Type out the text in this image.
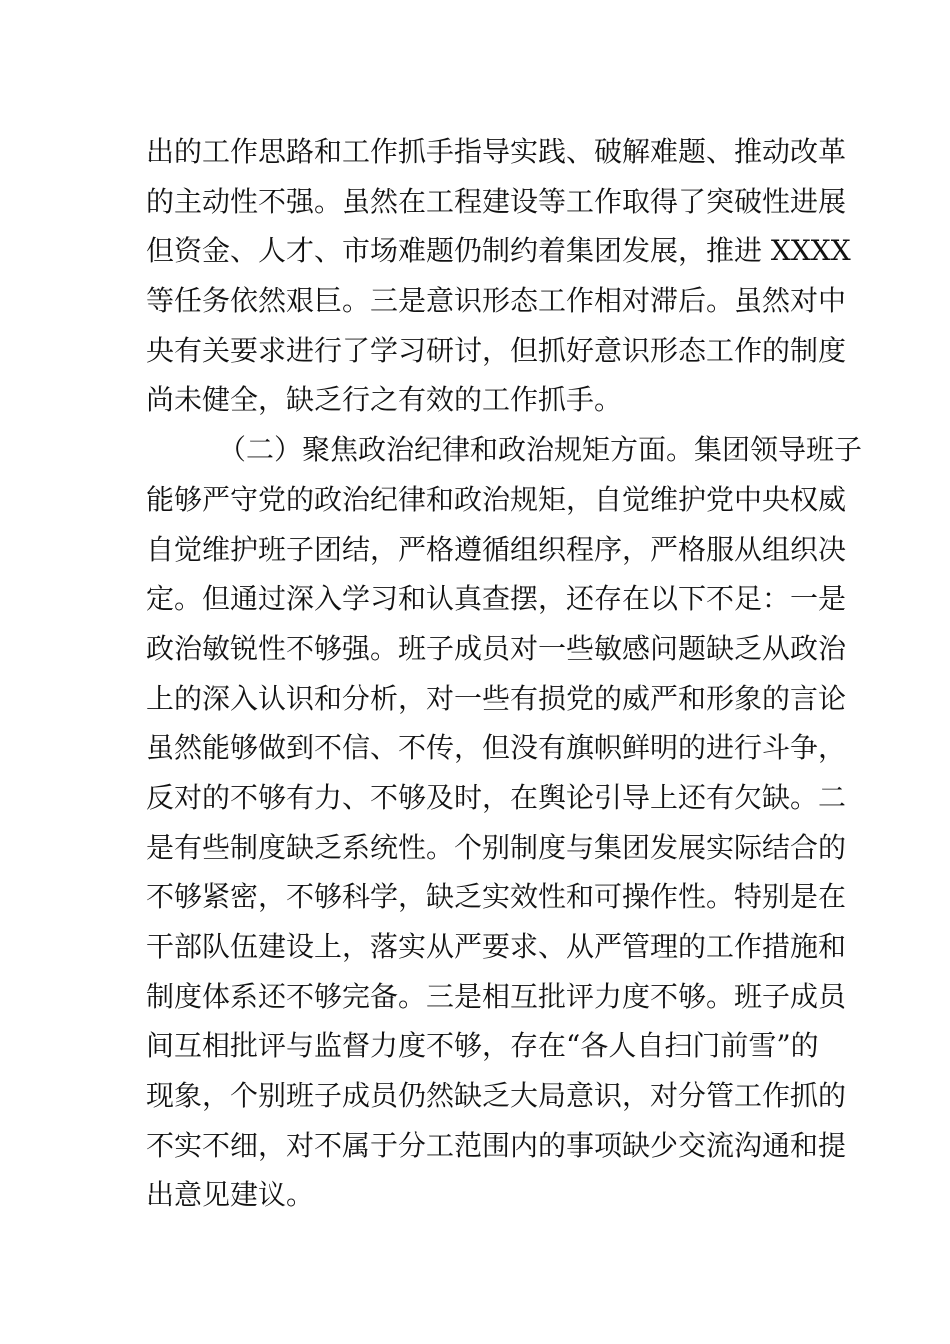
出的工作思路和工作抓手指导实践、破解难题、推动改革
的主动性不强。虽然在工程建设等工作取得了突破性进展
但资金、人才、市场难题仍制约着集团发展，推进 XXXX
等任务依然艰巨。三是意识形态工作相对滞后。虽然对中
央有关要求进行了学习研讨，但抓好意识形态工作的制度
尚未健全，缺乏行之有效的工作抓手。
（二）聚焦政治纪律和政治规矩方面。集团领导班子
能够严守党的政治纪律和政治规矩，自觉维护党中央权威
自觉维护班子团结，严格遵循组织程序，严格服从组织决
定。但通过深入学习和认真查摆，还存在以下不足：一是
政治敏锐性不够强。班子成员对一些敏感问题缺乏从政治
上的深入认识和分析，对一些有损党的威严和形象的言论
虽然能够做到不信、不传，但没有旗帜鲜明的进行斗争，
反对的不够有力、不够及时，在舆论引导上还有欠缺。二
是有些制度缺乏系统性。个别制度与集团发展实际结合的
不够紧密，不够科学，缺乏实效性和可操作性。特别是在
干部队伍建设上，落实从严要求、从严管理的工作措施和
制度体系还不够完备。三是相互批评力度不够。班子成员
间互相批评与监督力度不够，存在“各人自扫门前雪”的
现象，个别班子成员仍然缺乏大局意识，对分管工作抓的
不实不细，对不属于分工范围内的事项缺少交流沟通和提
出意见建议。
